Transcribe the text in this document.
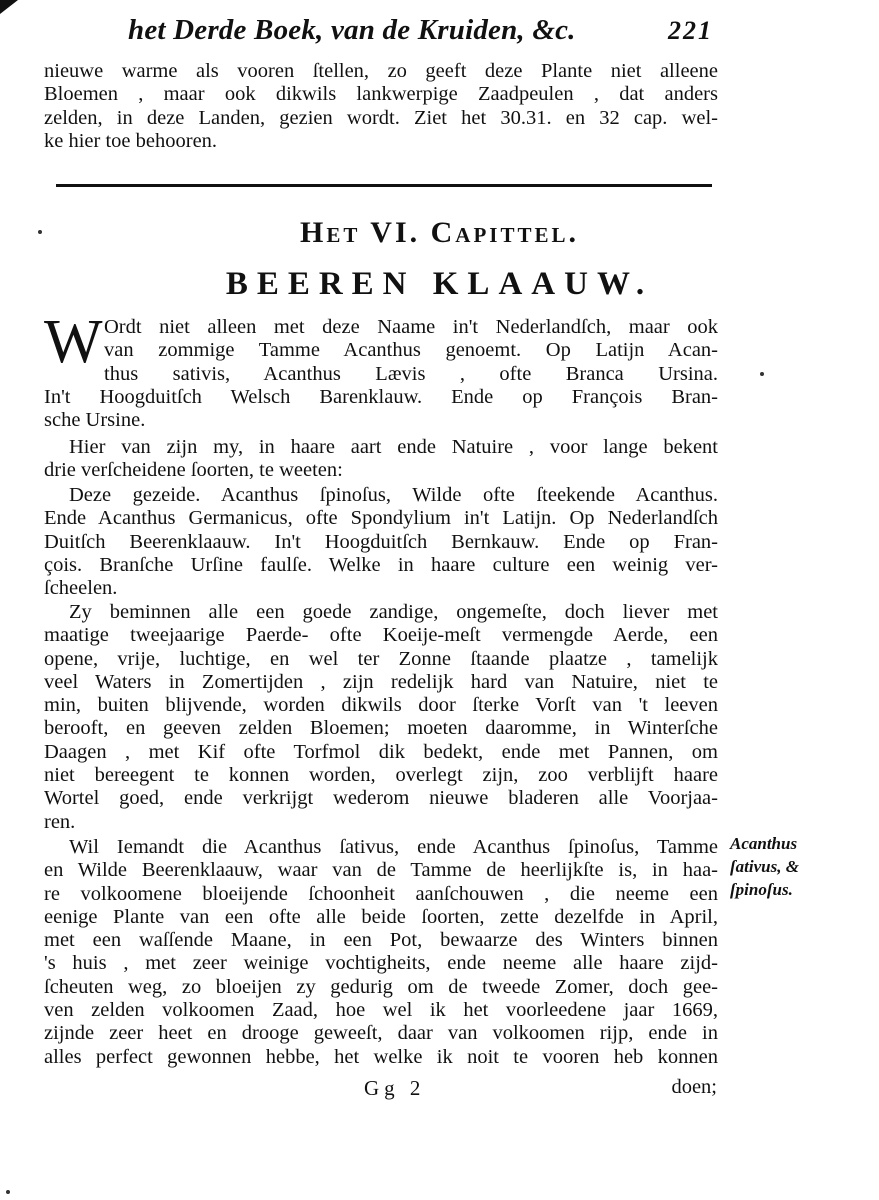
het Derde Boek, van de Kruiden, &c.	221
nieuwe warme als vooren ſtellen, zo geeft deze Plante niet alleene
Bloemen , maar ook dikwils lankwerpige Zaadpeulen , dat anders
zelden, in deze Landen, gezien wordt. Ziet het 30.31. en 32 cap. wel-
ke hier toe behooren.
Het VI. Capittel.
BEEREN KLAAUW.
W Ordt niet alleen met deze Naame in't Nederlandſch, maar ook
van zommige Tamme Acanthus genoemt. Op Latijn Acan-
thus sativis, Acanthus Lævis , ofte Branca Ursina.
In't Hoogduitſch Welsch Barenklauw. Ende op François Bran-
sche Ursine.
Hier van zijn my, in haare aart ende Natuire , voor lange bekent
drie verſcheidene ſoorten, te weeten:
Deze gezeide. Acanthus ſpinoſus, Wilde ofte ſteekende Acanthus.
Ende Acanthus Germanicus, ofte Spondylium in't Latijn. Op Nederlandſch
Duitſch Beerenklaauw. In't Hoogduitſch Bernkauw. Ende op Fran-
çois. Branſche Urſine faulſe. Welke in haare culture een weinig ver-
ſcheelen.
Zy beminnen alle een goede zandige, ongemeſte, doch liever met
maatige tweejaarige Paerde- ofte Koeije-meſt vermengde Aerde, een
opene, vrije, luchtige, en wel ter Zonne ſtaande plaatze , tamelijk
veel Waters in Zomertijden , zijn redelijk hard van Natuire, niet te
min, buiten blijvende, worden dikwils door ſterke Vorſt van 't leeven
berooft, en geeven zelden Bloemen; moeten daaromme, in Winterſche
Daagen , met Kif ofte Torfmol dik bedekt, ende met Pannen, om
niet bereegent te konnen worden, overlegt zijn, zoo verblijft haare
Wortel goed, ende verkrijgt wederom nieuwe bladeren alle Voorjaa-
ren.
Wil Iemandt die Acanthus ſativus, ende Acanthus ſpinoſus, Tamme
en Wilde Beerenklaauw, waar van de Tamme de heerlijkſte is, in haa-
re volkoomene bloeijende ſchoonheit aanſchouwen , die neeme een
eenige Plante van een ofte alle beide ſoorten, zette dezelfde in April,
met een waſſende Maane, in een Pot, bewaarze des Winters binnen
's huis , met zeer weinige vochtigheits, ende neeme alle haare zijd-
ſcheuten weg, zo bloeijen zy gedurig om de tweede Zomer, doch gee-
ven zelden volkoomen Zaad, hoe wel ik het voorleedene jaar 1669,
zijnde zeer heet en drooge geweeſt, daar van volkoomen rijp, ende in
alles perfect gewonnen hebbe, het welke ik noit te vooren heb konnen
Acanthus
ſativus, &
ſpinoſus.
Gg 2	doen;
